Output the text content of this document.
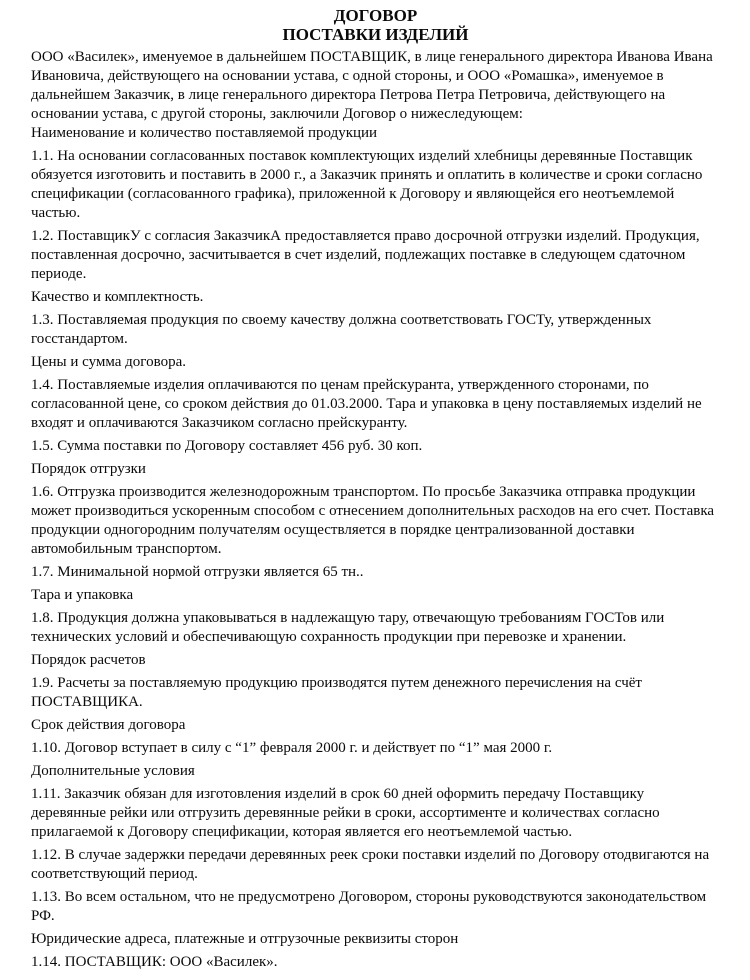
ДОГОВОР
ПОСТАВКИ ИЗДЕЛИЙ

ООО «Василек», именуемое в дальнейшем ПОСТАВЩИК, в лице генерального директора Иванова Ивана Ивановича, действующего на основании устава, с одной стороны, и ООО «Ромашка», именуемое в дальнейшем Заказчик, в лице генерального директора Петрова Петра Петровича, действующего на основании устава, с другой стороны, заключили Договор о нижеследующем:

Наименование и количество поставляемой продукции

1.1. На основании согласованных поставок комплектующих изделий хлебницы деревянные Поставщик обязуется изготовить и поставить в 2000 г., а Заказчик принять и оплатить в количестве и сроки согласно спецификации (согласованного графика), приложенной к Договору и являющейся его неотъемлемой частью.

1.2. ПоставщикУ с согласия ЗаказчикА предоставляется право досрочной отгрузки изделий. Продукция, поставленная досрочно, засчитывается в счет изделий, подлежащих поставке в следующем сдаточном периоде.

Качество и комплектность.

1.3. Поставляемая продукция по своему качеству должна соответствовать ГОСТу, утвержденных госстандартом.

Цены и сумма договора.

1.4. Поставляемые изделия оплачиваются по ценам прейскуранта, утвержденного сторонами, по согласованной цене, со сроком действия до 01.03.2000. Тара и упаковка в цену поставляемых изделий не входят и оплачиваются Заказчиком согласно прейскуранту.

1.5. Сумма поставки по Договору составляет 456 руб. 30 коп.

Порядок отгрузки

1.6. Отгрузка производится железнодорожным транспортом. По просьбе Заказчика отправка продукции может производиться ускоренным способом с отнесением дополнительных расходов на его счет. Поставка продукции одногородним получателям осуществляется в порядке централизованной доставки автомобильным транспортом.

1.7. Минимальной нормой отгрузки является 65 тн..

Тара и упаковка

1.8. Продукция должна упаковываться в надлежащую тару, отвечающую требованиям ГОСТов или технических условий и обеспечивающую сохранность продукции при перевозке и хранении.

Порядок расчетов

1.9. Расчеты за поставляемую продукцию производятся путем денежного перечисления на счёт ПОСТАВЩИКА.

Срок действия договора

1.10. Договор вступает в силу с “1” февраля 2000 г. и действует по “1” мая 2000 г.

Дополнительные условия

1.11. Заказчик обязан для изготовления изделий в срок 60 дней оформить передачу Поставщику деревянные рейки или отгрузить деревянные рейки в сроки, ассортименте и количествах согласно прилагаемой к Договору спецификации, которая является его неотъемлемой частью.

1.12. В случае задержки передачи деревянных реек сроки поставки изделий по Договору отодвигаются на соответствующий период.

1.13. Во всем остальном, что не предусмотрено Договором, стороны руководствуются законодательством РФ.

Юридические адреса, платежные и отгрузочные реквизиты сторон

1.14. ПОСТАВЩИК: ООО «Василек».
